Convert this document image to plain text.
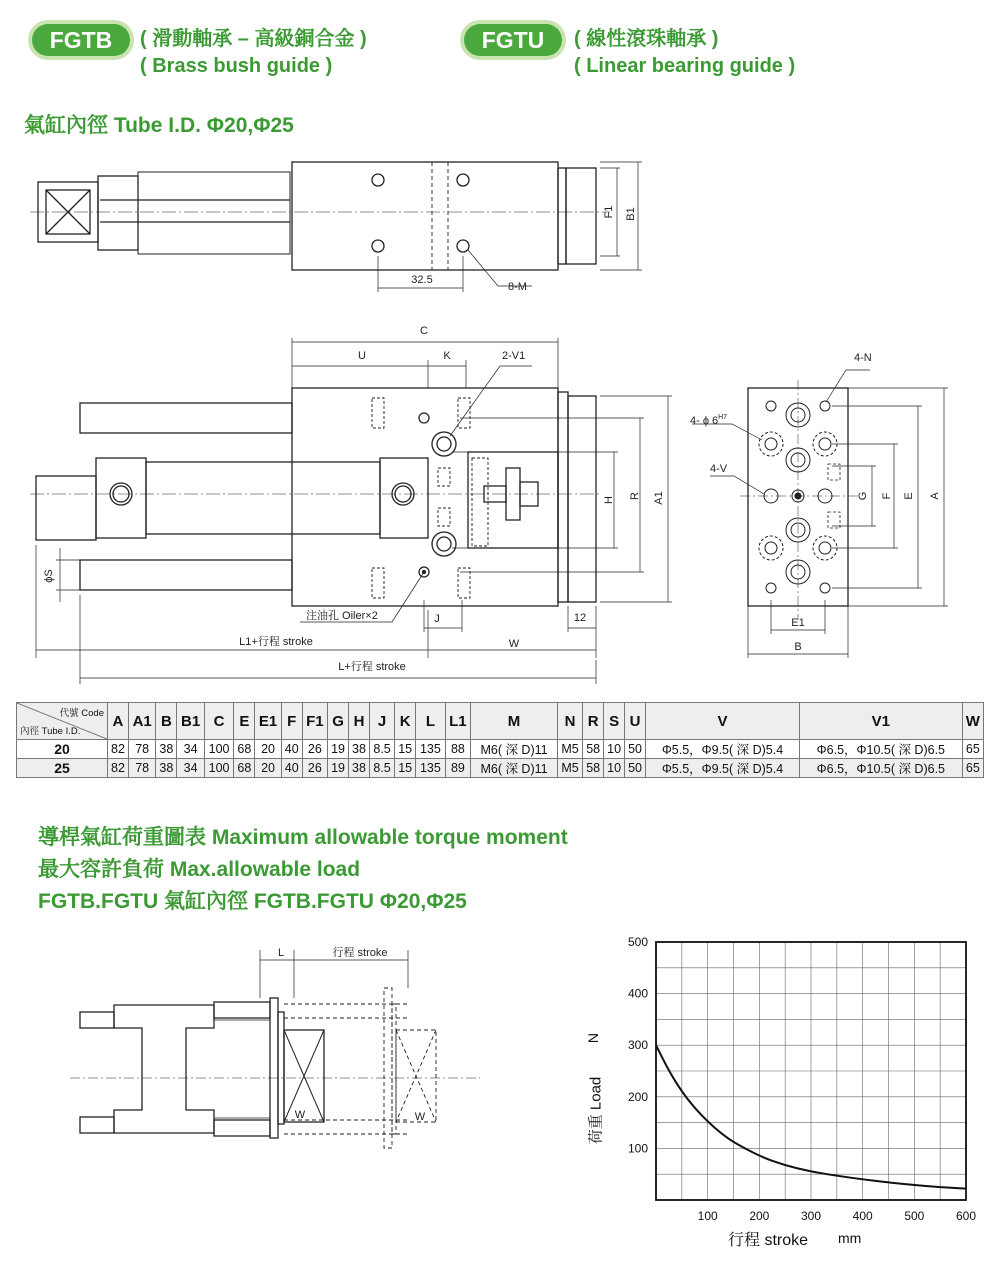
FGTB	( 滑動軸承 – 高級銅合金 )
( Brass bush guide )
FGTU	( 線性滾珠軸承 )
( Linear bearing guide )
氣缸內徑 Tube I.D. Φ20,Φ25
F1 B1
32.5
8-M
C
U	K	2-V1
H
R A1
ϕS
注油孔 Oiler×2	J	12
W
L1+行程 stroke
L+行程 stroke
4-N
4- ϕ $6^{H7}$
4-V
G F E A
E1
B
代號 Code
內徑 Tube I.D.	A	A1	B	B1	C	E	E1	F	F1	G	H	J	K	L	L1	M	N	R	S	U	V	V1	W
20	82	78	38	34	100	68	20	40	26	19	38	8.5	15	135	88	M6( 深 D)11	M5	58	10	50	Φ5.5，Φ9.5( 深 D)5.4	Φ6.5，Φ10.5( 深 D)6.5	65
25	82	78	38	34	100	68	20	40	26	19	38	8.5	15	135	89	M6( 深 D)11	M5	58	10	50	Φ5.5，Φ9.5( 深 D)5.4	Φ6.5，Φ10.5( 深 D)6.5	65
導桿氣缸荷重圖表 Maximum allowable torque moment
最大容許負荷 Max.allowable load
FGTB.FGTU 氣缸內徑 FGTB.FGTU Φ20,Φ25
L	行程 stroke
W	W
100	200	300	400	500	600
100
200
300
400
500
荷重 Load
N
行程 stroke mm
